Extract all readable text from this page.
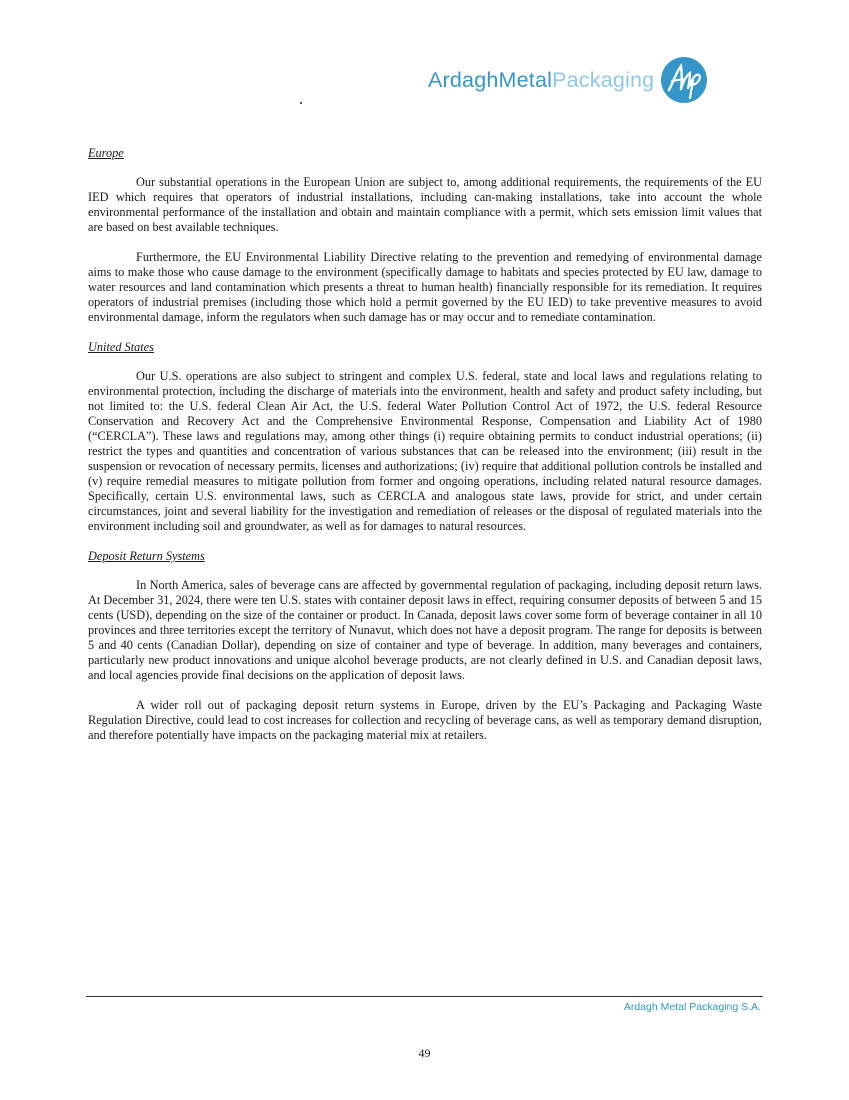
ArdaghMetalPackaging

Europe

Our substantial operations in the European Union are subject to, among additional requirements, the requirements of the EU IED which requires that operators of industrial installations, including can-making installations, take into account the whole environmental performance of the installation and obtain and maintain compliance with a permit, which sets emission limit values that are based on best available techniques.

Furthermore, the EU Environmental Liability Directive relating to the prevention and remedying of environmental damage aims to make those who cause damage to the environment (specifically damage to habitats and species protected by EU law, damage to water resources and land contamination which presents a threat to human health) financially responsible for its remediation. It requires operators of industrial premises (including those which hold a permit governed by the EU IED) to take preventive measures to avoid environmental damage, inform the regulators when such damage has or may occur and to remediate contamination.

United States

Our U.S. operations are also subject to stringent and complex U.S. federal, state and local laws and regulations relating to environmental protection, including the discharge of materials into the environment, health and safety and product safety including, but not limited to: the U.S. federal Clean Air Act, the U.S. federal Water Pollution Control Act of 1972, the U.S. federal Resource Conservation and Recovery Act and the Comprehensive Environmental Response, Compensation and Liability Act of 1980 (“CERCLA”). These laws and regulations may, among other things (i) require obtaining permits to conduct industrial operations; (ii) restrict the types and quantities and concentration of various substances that can be released into the environment; (iii) result in the suspension or revocation of necessary permits, licenses and authorizations; (iv) require that additional pollution controls be installed and (v) require remedial measures to mitigate pollution from former and ongoing operations, including related natural resource damages. Specifically, certain U.S. environmental laws, such as CERCLA and analogous state laws, provide for strict, and under certain circumstances, joint and several liability for the investigation and remediation of releases or the disposal of regulated materials into the environment including soil and groundwater, as well as for damages to natural resources.

Deposit Return Systems

In North America, sales of beverage cans are affected by governmental regulation of packaging, including deposit return laws. At December 31, 2024, there were ten U.S. states with container deposit laws in effect, requiring consumer deposits of between 5 and 15 cents (USD), depending on the size of the container or product. In Canada, deposit laws cover some form of beverage container in all 10 provinces and three territories except the territory of Nunavut, which does not have a deposit program. The range for deposits is between 5 and 40 cents (Canadian Dollar), depending on size of container and type of beverage. In addition, many beverages and containers, particularly new product innovations and unique alcohol beverage products, are not clearly defined in U.S. and Canadian deposit laws, and local agencies provide final decisions on the application of deposit laws.

A wider roll out of packaging deposit return systems in Europe, driven by the EU’s Packaging and Packaging Waste Regulation Directive, could lead to cost increases for collection and recycling of beverage cans, as well as temporary demand disruption, and therefore potentially have impacts on the packaging material mix at retailers.

Ardagh Metal Packaging S.A.
49
